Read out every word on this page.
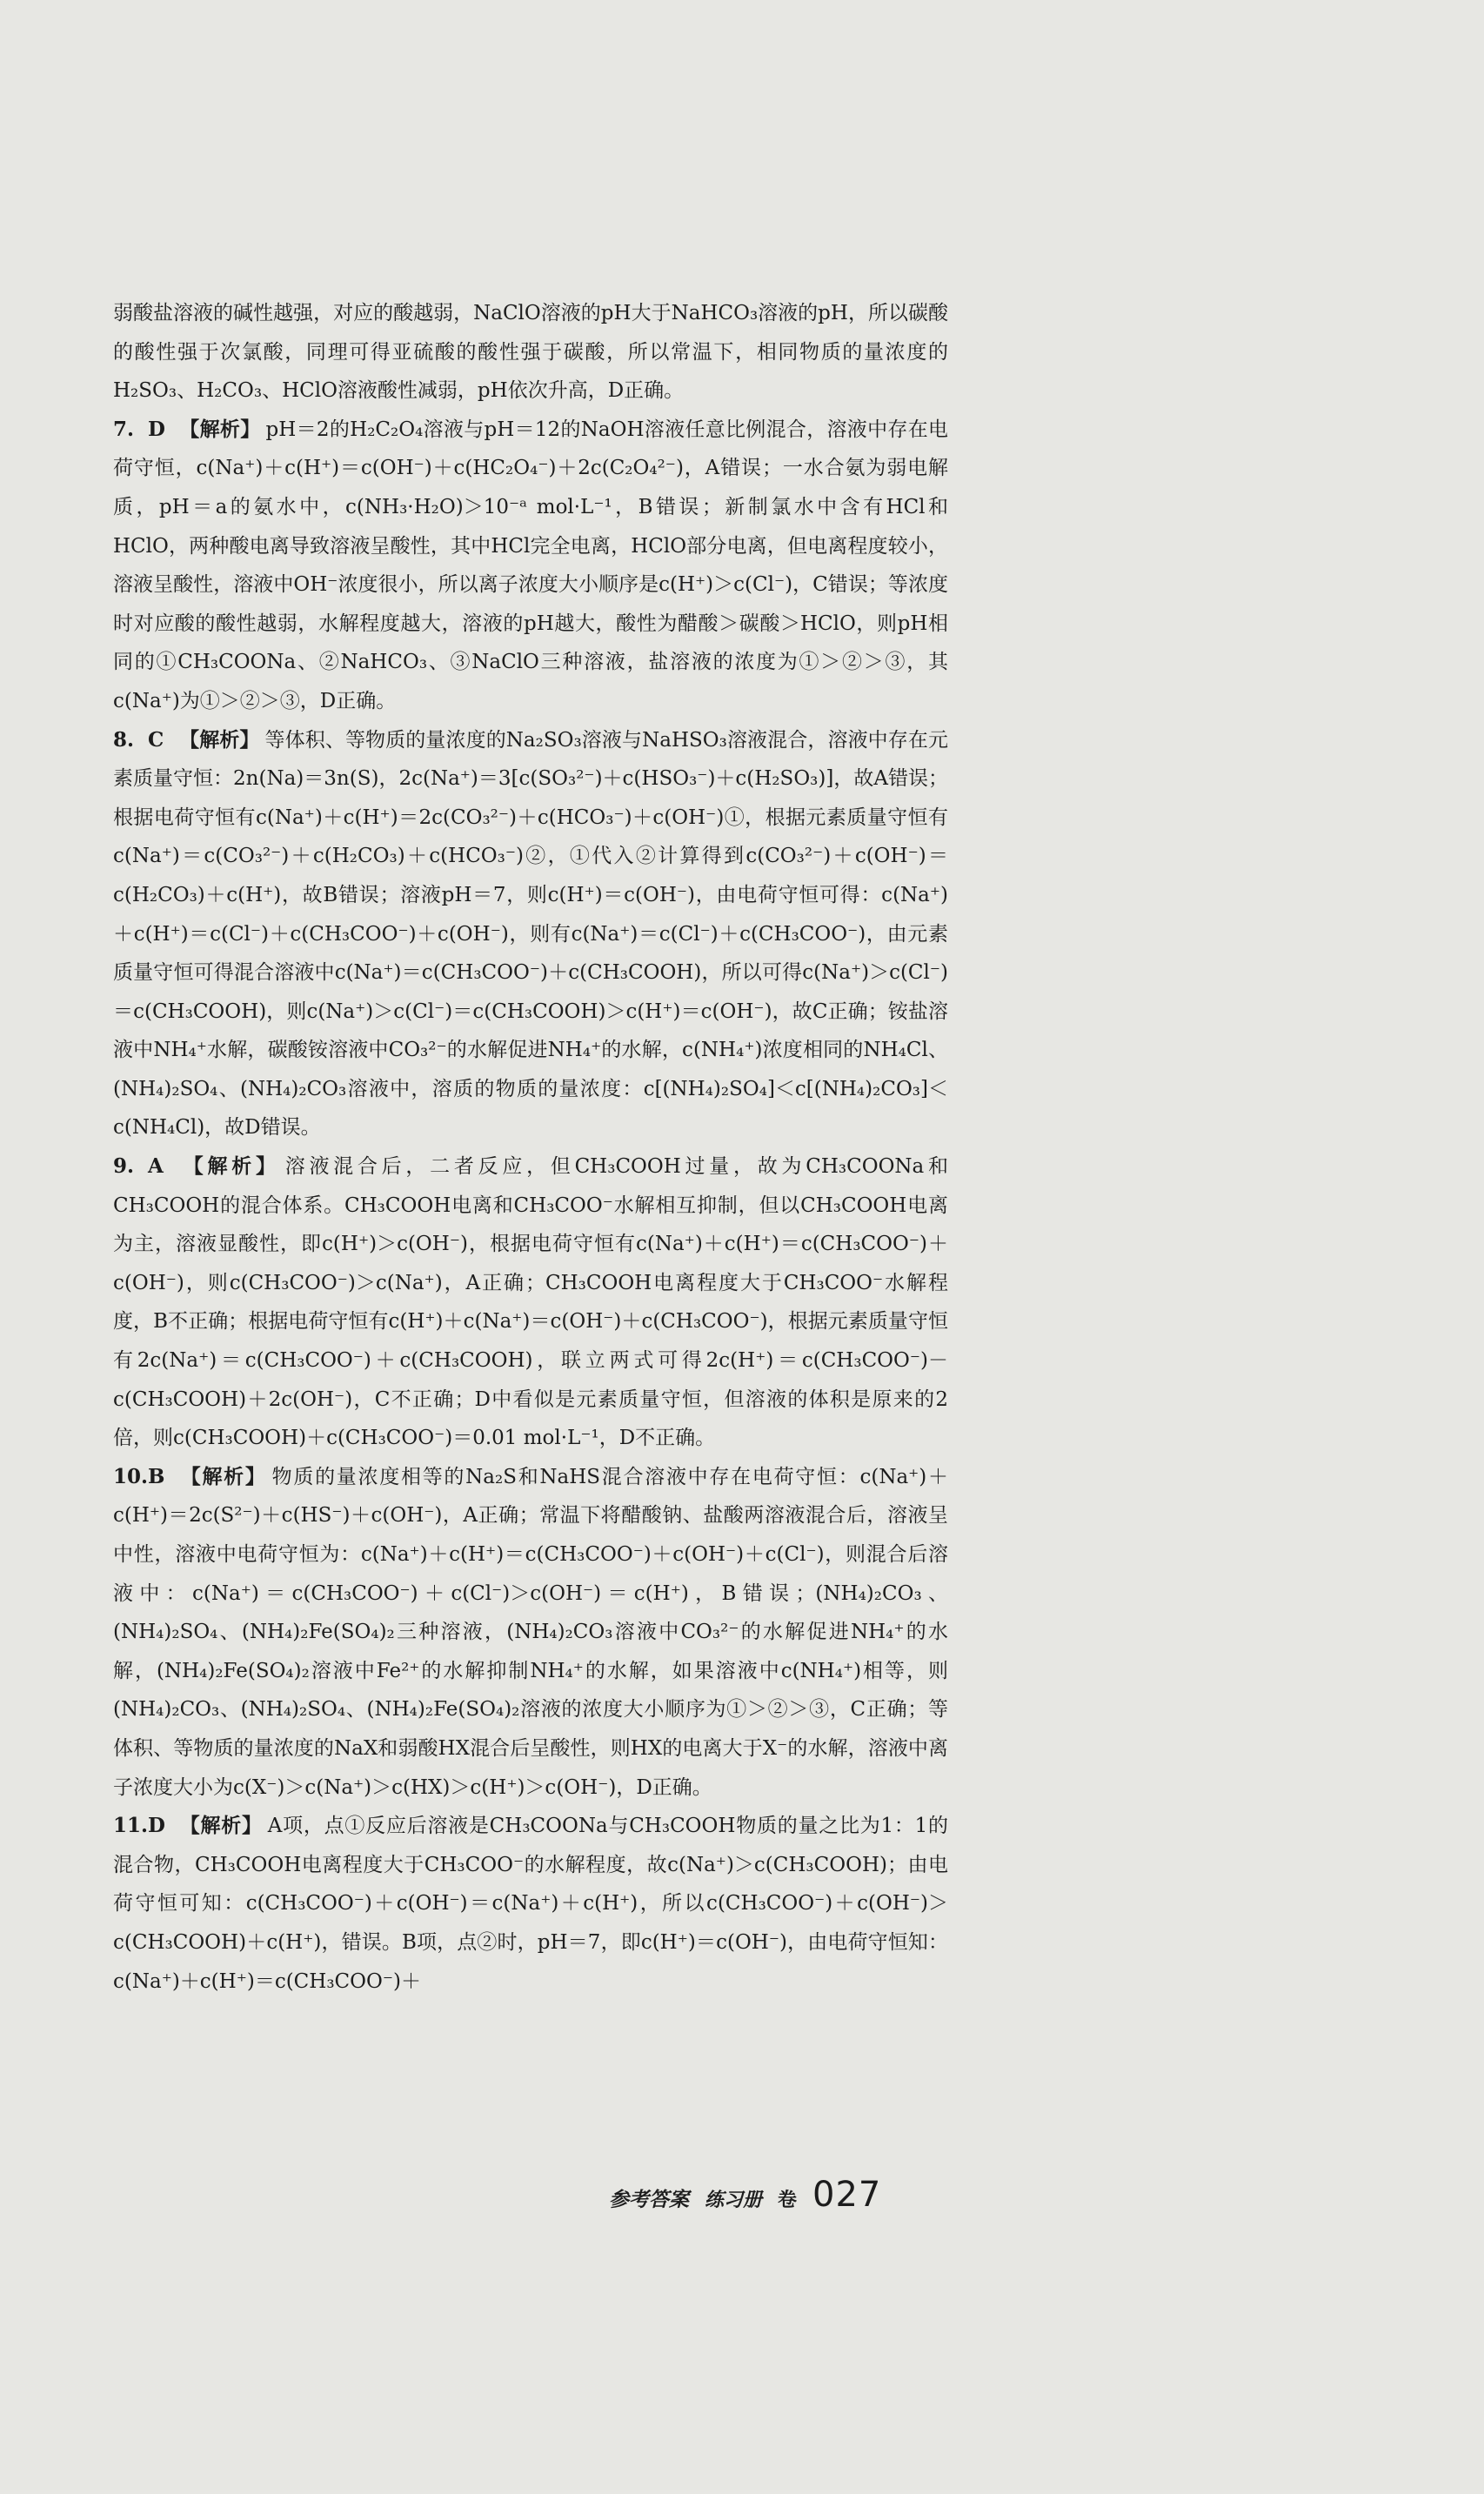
弱酸盐溶液的碱性越强，对应的酸越弱，NaClO溶液的pH大于NaHCO₃溶液的pH，所以碳酸的酸性强于次氯酸，同理可得亚硫酸的酸性强于碳酸，所以常温下，相同物质的量浓度的H₂SO₃、H₂CO₃、HClO溶液酸性减弱，pH依次升高，D正确。

7. D 【解析】 pH＝2的H₂C₂O₄溶液与pH＝12的NaOH溶液任意比例混合，溶液中存在电荷守恒，c(Na⁺)＋c(H⁺)＝c(OH⁻)＋c(HC₂O₄⁻)＋2c(C₂O₄²⁻)，A错误；一水合氨为弱电解质，pH＝a的氨水中，c(NH₃·H₂O)＞10⁻ᵃ mol·L⁻¹，B错误；新制氯水中含有HCl和HClO，两种酸电离导致溶液呈酸性，其中HCl完全电离，HClO部分电离，但电离程度较小，溶液呈酸性，溶液中OH⁻浓度很小，所以离子浓度大小顺序是c(H⁺)＞c(Cl⁻)，C错误；等浓度时对应酸的酸性越弱，水解程度越大，溶液的pH越大，酸性为醋酸＞碳酸＞HClO，则pH相同的①CH₃COONa、②NaHCO₃、③NaClO三种溶液，盐溶液的浓度为①＞②＞③，其c(Na⁺)为①＞②＞③，D正确。
8. C 【解析】 等体积、等物质的量浓度的Na₂SO₃溶液与NaHSO₃溶液混合，溶液中存在元素质量守恒：2n(Na)＝3n(S)，2c(Na⁺)＝3[c(SO₃²⁻)＋c(HSO₃⁻)＋c(H₂SO₃)]，故A错误；根据电荷守恒有c(Na⁺)＋c(H⁺)＝2c(CO₃²⁻)＋c(HCO₃⁻)＋c(OH⁻)①，根据元素质量守恒有c(Na⁺)＝c(CO₃²⁻)＋c(H₂CO₃)＋c(HCO₃⁻)②，①代入②计算得到c(CO₃²⁻)＋c(OH⁻)＝c(H₂CO₃)＋c(H⁺)，故B错误；溶液pH＝7，则c(H⁺)＝c(OH⁻)，由电荷守恒可得：c(Na⁺)＋c(H⁺)＝c(Cl⁻)＋c(CH₃COO⁻)＋c(OH⁻)，则有c(Na⁺)＝c(Cl⁻)＋c(CH₃COO⁻)，由元素质量守恒可得混合溶液中c(Na⁺)＝c(CH₃COO⁻)＋c(CH₃COOH)，所以可得c(Na⁺)＞c(Cl⁻)＝c(CH₃COOH)，则c(Na⁺)＞c(Cl⁻)＝c(CH₃COOH)＞c(H⁺)＝c(OH⁻)，故C正确；铵盐溶液中NH₄⁺水解，碳酸铵溶液中CO₃²⁻的水解促进NH₄⁺的水解，c(NH₄⁺)浓度相同的NH₄Cl、(NH₄)₂SO₄、(NH₄)₂CO₃溶液中，溶质的物质的量浓度：c[(NH₄)₂SO₄]＜c[(NH₄)₂CO₃]＜c(NH₄Cl)，故D错误。
9. A 【解析】 溶液混合后，二者反应，但CH₃COOH过量，故为CH₃COONa和CH₃COOH的混合体系。CH₃COOH电离和CH₃COO⁻水解相互抑制，但以CH₃COOH电离为主，溶液显酸性，即c(H⁺)＞c(OH⁻)，根据电荷守恒有c(Na⁺)＋c(H⁺)＝c(CH₃COO⁻)＋c(OH⁻)，则c(CH₃COO⁻)＞c(Na⁺)，A正确；CH₃COOH电离程度大于CH₃COO⁻水解程度，B不正确；根据电荷守恒有c(H⁺)＋c(Na⁺)＝c(OH⁻)＋c(CH₃COO⁻)，根据元素质量守恒有2c(Na⁺)＝c(CH₃COO⁻)＋c(CH₃COOH)，联立两式可得2c(H⁺)＝c(CH₃COO⁻)－c(CH₃COOH)＋2c(OH⁻)，C不正确；D中看似是元素质量守恒，但溶液的体积是原来的2倍，则c(CH₃COOH)＋c(CH₃COO⁻)＝0.01 mol·L⁻¹，D不正确。
10.B 【解析】 物质的量浓度相等的Na₂S和NaHS混合溶液中存在电荷守恒：c(Na⁺)＋c(H⁺)＝2c(S²⁻)＋c(HS⁻)＋c(OH⁻)，A正确；常温下将醋酸钠、盐酸两溶液混合后，溶液呈中性，溶液中电荷守恒为：c(Na⁺)＋c(H⁺)＝c(CH₃COO⁻)＋c(OH⁻)＋c(Cl⁻)，则混合后溶液中：c(Na⁺)＝c(CH₃COO⁻)＋c(Cl⁻)＞c(OH⁻)＝c(H⁺)，B错误；(NH₄)₂CO₃、(NH₄)₂SO₄、(NH₄)₂Fe(SO₄)₂三种溶液，(NH₄)₂CO₃溶液中CO₃²⁻的水解促进NH₄⁺的水解，(NH₄)₂Fe(SO₄)₂溶液中Fe²⁺的水解抑制NH₄⁺的水解，如果溶液中c(NH₄⁺)相等，则(NH₄)₂CO₃、(NH₄)₂SO₄、(NH₄)₂Fe(SO₄)₂溶液的浓度大小顺序为①＞②＞③，C正确；等体积、等物质的量浓度的NaX和弱酸HX混合后呈酸性，则HX的电离大于X⁻的水解，溶液中离子浓度大小为c(X⁻)＞c(Na⁺)＞c(HX)＞c(H⁺)＞c(OH⁻)，D正确。
11.D 【解析】 A项，点①反应后溶液是CH₃COONa与CH₃COOH物质的量之比为1：1的混合物，CH₃COOH电离程度大于CH₃COO⁻的水解程度，故c(Na⁺)＞c(CH₃COOH)；由电荷守恒可知：c(CH₃COO⁻)＋c(OH⁻)＝c(Na⁺)＋c(H⁺)，所以c(CH₃COO⁻)＋c(OH⁻)＞c(CH₃COOH)＋c(H⁺)，错误。B项，点②时，pH＝7，即c(H⁺)＝c(OH⁻)，由电荷守恒知：c(Na⁺)＋c(H⁺)＝c(CH₃COO⁻)＋
参考答案 练习册 卷 027
